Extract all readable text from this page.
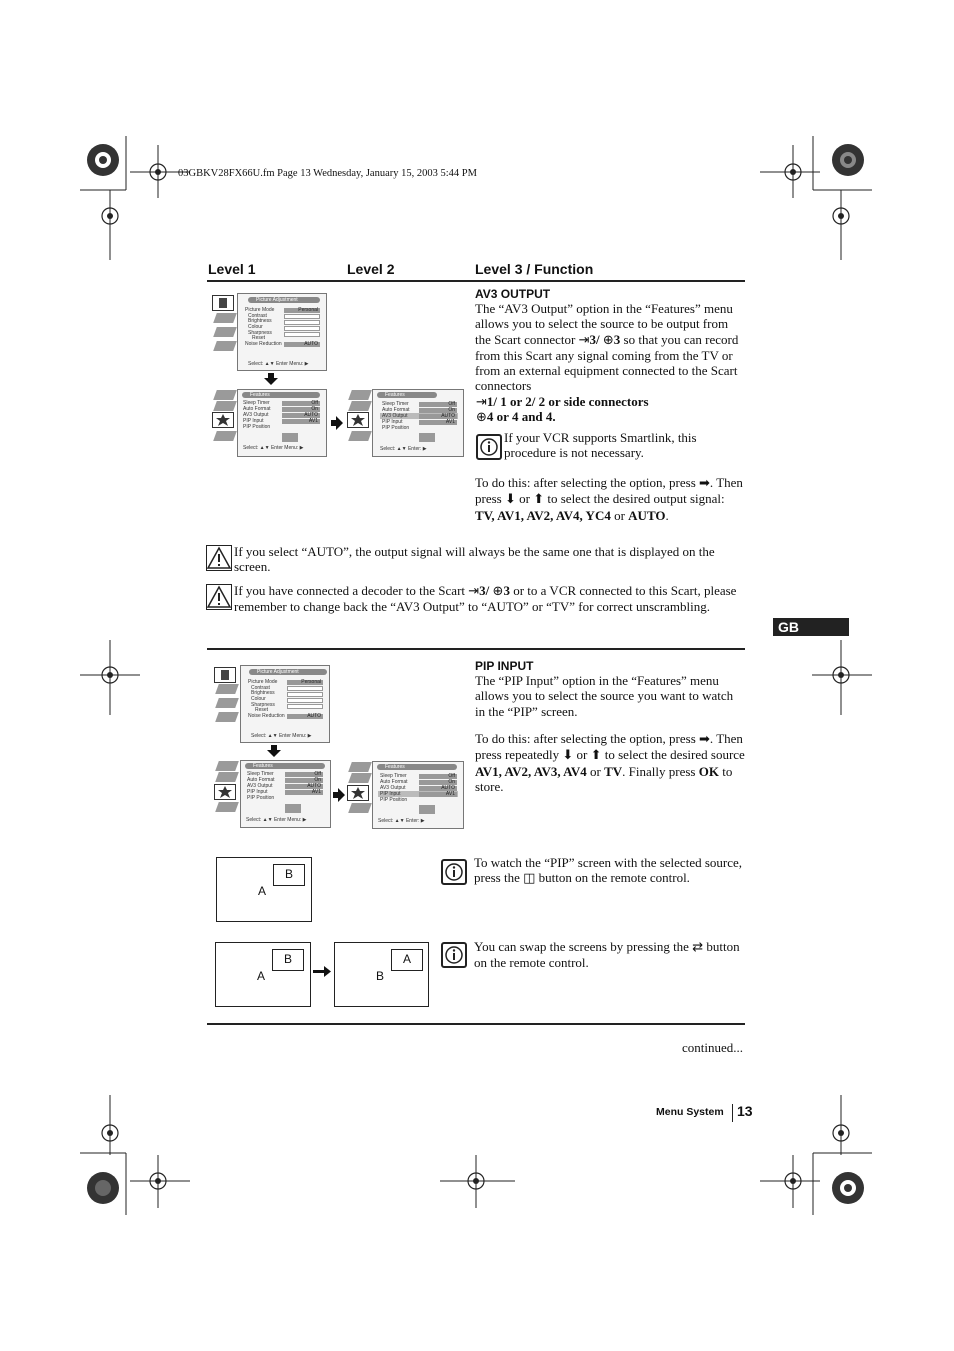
03GBKV28FX66U.fm Page 13 Wednesday, January 15, 2003 5:44 PM
Level 1	Level 2	Level 3 / Function
GB
Picture Adjustment
Picture Mode	Personal
Contrast
Brightness
Colour
Sharpness
Reset
Noise Reduction	AUTO
Select: ▲▼ Enter Menu: ▶
Features
Sleep Timer
Auto Format
AV3 Output
PIP Input
PIP Position
Off
On
AUTO
AV1
Select: ▲▼ Enter Menu: ▶
Features
Sleep Timer
Auto Format
AV3 Output
PIP Input
PIP Position
Off
On
AUTO
AV1
Select: ▲▼ Enter: ▶
AV3 OUTPUT
The “AV3 Output” option in the “Features” menu allows you to select the source to be output from the Scart connector ⇥3/ ⊕3 so that you can record from this Scart any signal coming from the TV or from an external equipment connected to the Scart connectors
⇥1/ 1 or 2/ 2 or side connectors
⊕4 or 4 and 4.
If your VCR supports Smartlink, this procedure is not necessary.
To do this: after selecting the option, press ➡. Then press ⬇ or ⬆ to select the desired output signal: TV, AV1, AV2, AV4, YC4 or AUTO.
If you select “AUTO”, the output signal will always be the same one that is displayed on the screen.
If you have connected a decoder to the Scart ⇥3/ ⊕3 or to a VCR connected to this Scart, please remember to change back the “AV3 Output” to “AUTO” or “TV” for correct unscrambling.
Picture Adjustment
Picture Mode	Personal
Contrast
Brightness
Colour
Sharpness
Reset
Noise Reduction	AUTO
Select: ▲▼ Enter Menu: ▶
Features
Sleep Timer
Auto Format
AV3 Output
PIP Input
PIP Position
Off
On
AUTO
AV1
Select: ▲▼ Enter Menu: ▶
Features
Sleep Timer
Auto Format
AV3 Output
PIP Input
PIP Position
Off
On
AUTO
AV1
Select: ▲▼ Enter: ▶
PIP INPUT
The “PIP Input” option in the “Features” menu allows you to select the source you want to watch in the “PIP” screen.
To do this: after selecting the option, press ➡. Then press repeatedly ⬇ or ⬆ to select the desired source AV1, AV2, AV3, AV4 or TV. Finally press OK to store.
A
B
To watch the “PIP” screen with the selected source, press the ◫ button on the remote control.
A
B
B
A
You can swap the screens by pressing the ⇄ button on the remote control.
continued...
Menu System 13
